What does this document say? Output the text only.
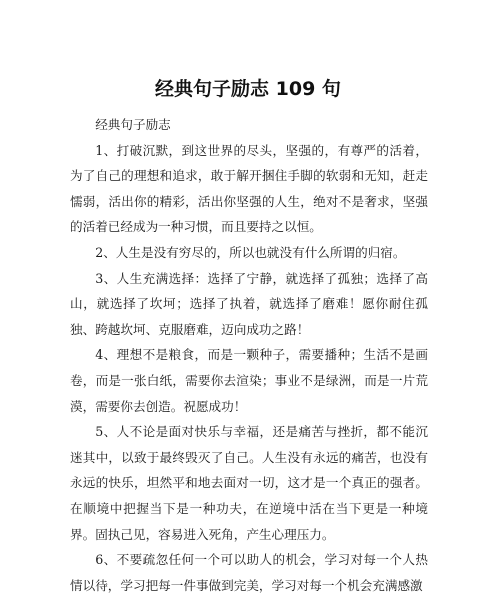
经典句子励志 109 句

经典句子励志

1、打破沉默，到这世界的尽头，坚强的，有尊严的活着，为了自己的理想和追求，敢于解开捆住手脚的软弱和无知，赶走懦弱，活出你的精彩，活出你坚强的人生，绝对不是奢求，坚强的活着已经成为一种习惯，而且要持之以恒。

2、人生是没有穷尽的，所以也就没有什么所谓的归宿。

3、人生充满选择：选择了宁静，就选择了孤独；选择了高山，就选择了坎坷；选择了执着，就选择了磨难！愿你耐住孤独、跨越坎坷、克服磨难，迈向成功之路！

4、理想不是粮食，而是一颗种子，需要播种；生活不是画卷，而是一张白纸，需要你去渲染；事业不是绿洲，而是一片荒漠，需要你去创造。祝愿成功！

5、人不论是面对快乐与幸福，还是痛苦与挫折，都不能沉迷其中，以致于最终毁灭了自己。人生没有永远的痛苦，也没有永远的快乐，坦然平和地去面对一切，这才是一个真正的强者。在顺境中把握当下是一种功夫，在逆境中活在当下更是一种境界。固执己见，容易进入死角，产生心理压力。

6、不要疏忽任何一个可以助人的机会，学习对每一个人热情以待，学习把每一件事做到完美，学习对每一个机会充满感激
